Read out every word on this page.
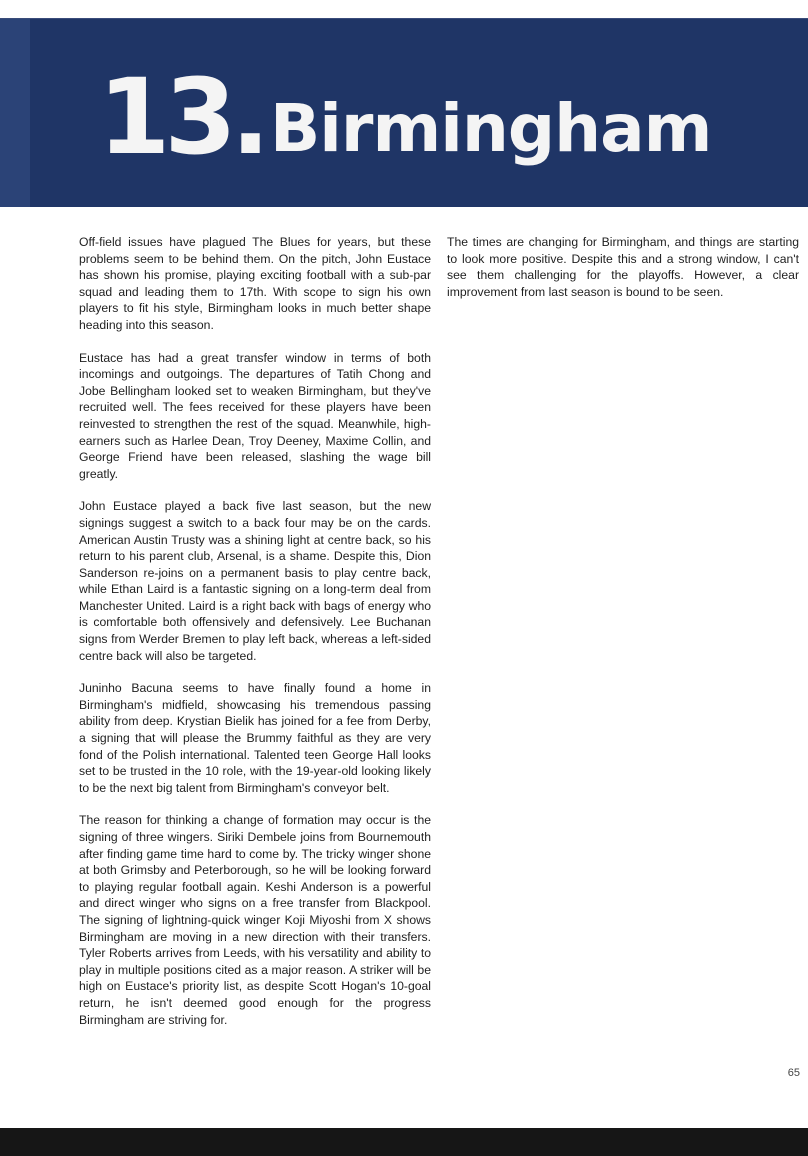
13. Birmingham

Off-field issues have plagued The Blues for years, but these problems seem to be behind them. On the pitch, John Eustace has shown his promise, playing exciting football with a sub-par squad and leading them to 17th. With scope to sign his own players to fit his style, Birmingham looks in much better shape heading into this season.

Eustace has had a great transfer window in terms of both incomings and outgoings. The departures of Tatih Chong and Jobe Bellingham looked set to weaken Birmingham, but they've recruited well. The fees received for these players have been reinvested to strengthen the rest of the squad. Meanwhile, high-earners such as Harlee Dean, Troy Deeney, Maxime Collin, and George Friend have been released, slashing the wage bill greatly.

John Eustace played a back five last season, but the new signings suggest a switch to a back four may be on the cards. American Austin Trusty was a shining light at centre back, so his return to his parent club, Arsenal, is a shame. Despite this, Dion Sanderson re-joins on a permanent basis to play centre back, while Ethan Laird is a fantastic signing on a long-term deal from Manchester United. Laird is a right back with bags of energy who is comfortable both offensively and defensively. Lee Buchanan signs from Werder Bremen to play left back, whereas a left-sided centre back will also be targeted.

Juninho Bacuna seems to have finally found a home in Birmingham's midfield, showcasing his tremendous passing ability from deep. Krystian Bielik has joined for a fee from Derby, a signing that will please the Brummy faithful as they are very fond of the Polish international. Talented teen George Hall looks set to be trusted in the 10 role, with the 19-year-old looking likely to be the next big talent from Birmingham's conveyor belt.

The reason for thinking a change of formation may occur is the signing of three wingers. Siriki Dembele joins from Bournemouth after finding game time hard to come by. The tricky winger shone at both Grimsby and Peterborough, so he will be looking forward to playing regular football again. Keshi Anderson is a powerful and direct winger who signs on a free transfer from Blackpool. The signing of lightning-quick winger Koji Miyoshi from X shows Birmingham are moving in a new direction with their transfers. Tyler Roberts arrives from Leeds, with his versatility and ability to play in multiple positions cited as a major reason. A striker will be high on Eustace's priority list, as despite Scott Hogan's 10-goal return, he isn't deemed good enough for the progress Birmingham are striving for.

The times are changing for Birmingham, and things are starting to look more positive. Despite this and a strong window, I can't see them challenging for the playoffs. However, a clear improvement from last season is bound to be seen.

65
